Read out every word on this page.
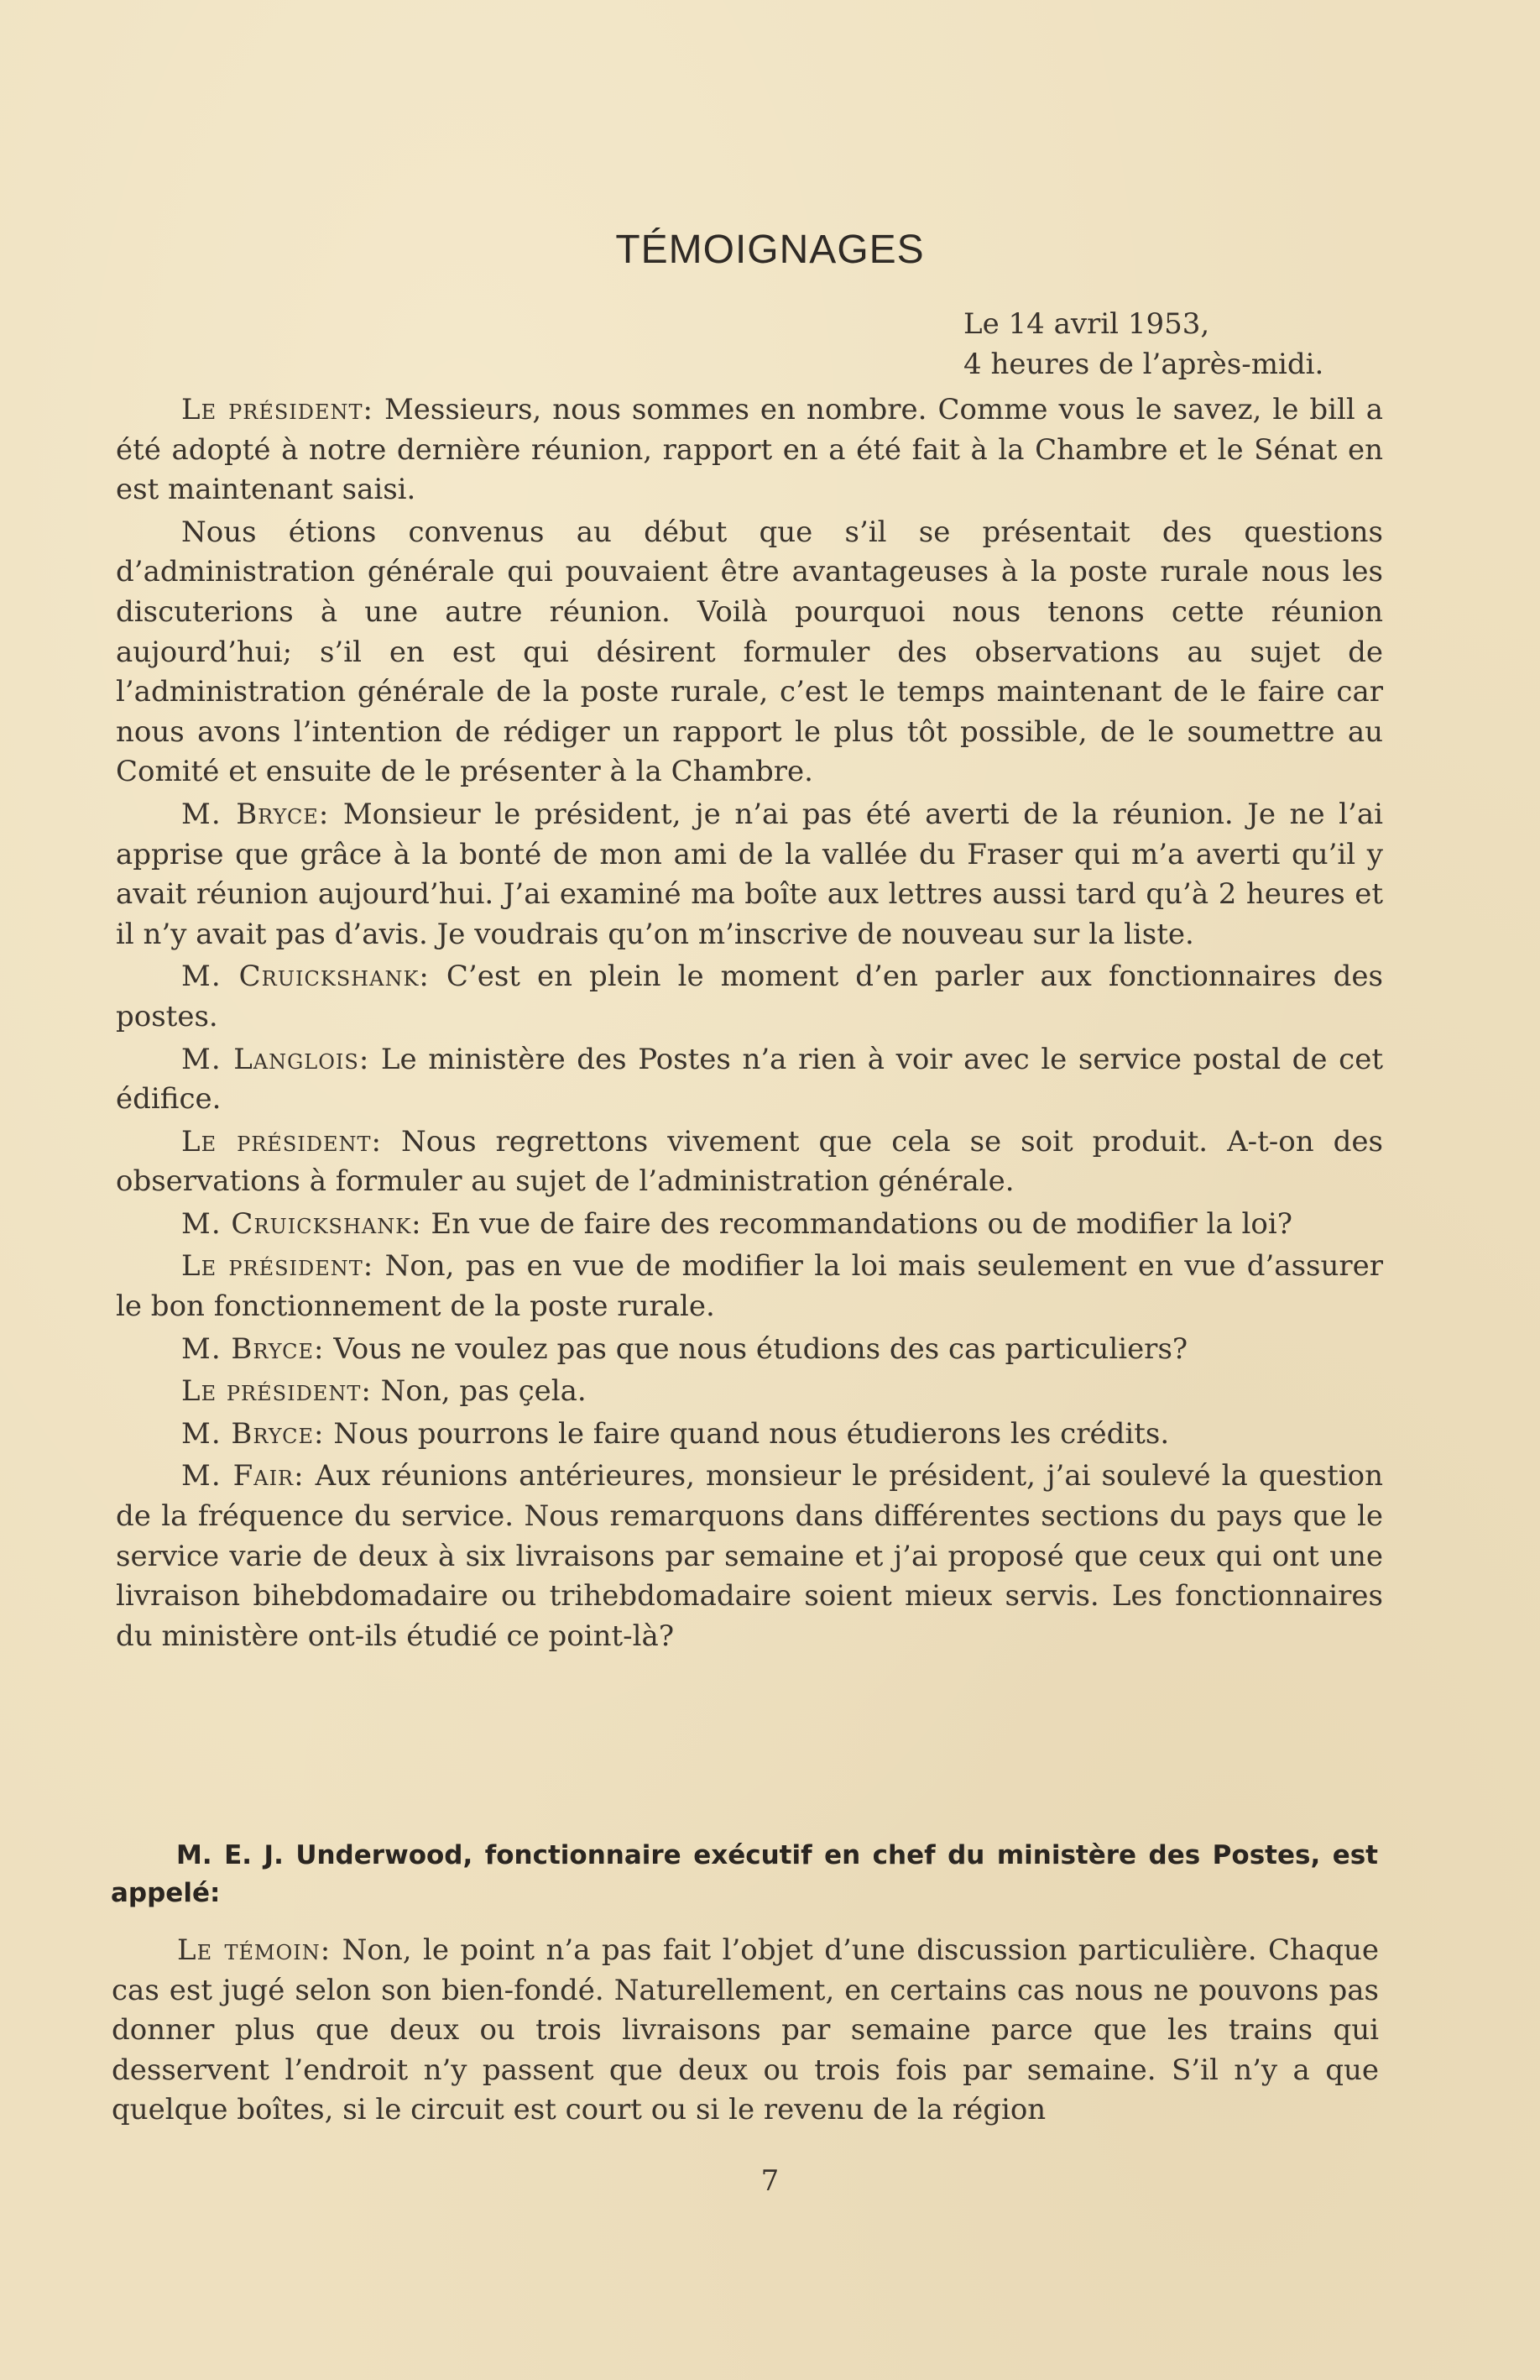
TÉMOIGNAGES
Le 14 avril 1953,
4 heures de l’après-midi.

Le président: Messieurs, nous sommes en nombre. Comme vous le savez, le bill a été adopté à notre dernière réunion, rapport en a été fait à la Chambre et le Sénat en est maintenant saisi.

Nous étions convenus au début que s’il se présentait des questions d’administration générale qui pouvaient être avantageuses à la poste rurale nous les discuterions à une autre réunion. Voilà pourquoi nous tenons cette réunion aujourd’hui; s’il en est qui désirent formuler des observations au sujet de l’administration générale de la poste rurale, c’est le temps maintenant de le faire car nous avons l’intention de rédiger un rapport le plus tôt possible, de le soumettre au Comité et ensuite de le présenter à la Chambre.

M. Bryce: Monsieur le président, je n’ai pas été averti de la réunion. Je ne l’ai apprise que grâce à la bonté de mon ami de la vallée du Fraser qui m’a averti qu’il y avait réunion aujourd’hui. J’ai examiné ma boîte aux lettres aussi tard qu’à 2 heures et il n’y avait pas d’avis. Je voudrais qu’on m’inscrive de nouveau sur la liste.

M. Cruickshank: C’est en plein le moment d’en parler aux fonctionnaires des postes.

M. Langlois: Le ministère des Postes n’a rien à voir avec le service postal de cet édifice.

Le président: Nous regrettons vivement que cela se soit produit. A-t-on des observations à formuler au sujet de l’administration générale.

M. Cruickshank: En vue de faire des recommandations ou de modifier la loi?

Le président: Non, pas en vue de modifier la loi mais seulement en vue d’assurer le bon fonctionnement de la poste rurale.

M. Bryce: Vous ne voulez pas que nous étudions des cas particuliers?

Le président: Non, pas çela.

M. Bryce: Nous pourrons le faire quand nous étudierons les crédits.

M. Fair: Aux réunions antérieures, monsieur le président, j’ai soulevé la question de la fréquence du service. Nous remarquons dans différentes sections du pays que le service varie de deux à six livraisons par semaine et j’ai proposé que ceux qui ont une livraison bihebdomadaire ou trihebdomadaire soient mieux servis. Les fonctionnaires du ministère ont-ils étudié ce point-là?

M. E. J. Underwood, fonctionnaire exécutif en chef du ministère des Postes, est appelé:

Le témoin: Non, le point n’a pas fait l’objet d’une discussion particulière. Chaque cas est jugé selon son bien-fondé. Naturellement, en certains cas nous ne pouvons pas donner plus que deux ou trois livraisons par semaine parce que les trains qui desservent l’endroit n’y passent que deux ou trois fois par semaine. S’il n’y a que quelque boîtes, si le circuit est court ou si le revenu de la région

7
